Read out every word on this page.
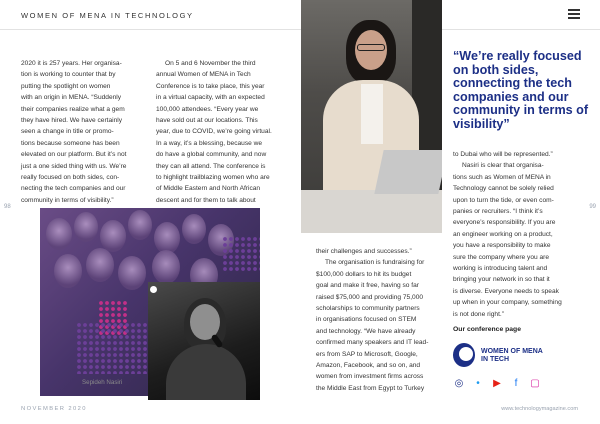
WOMEN OF MENA IN TECHNOLOGY

2020 it is 257 years. Her organisa-

tion is working to counter that by

putting the spotlight on women

with an origin in MENA. “Suddenly

their companies realize what a gem

they have hired. We have certainly

seen a change in title or promo-

tions because someone has been

elevated on our platform. But it’s not

just a one sided thing with us. We’re

really focused on both sides, con-

necting the tech companies and our

community in terms of visibility.”

On 5 and 6 November the third

annual Women of MENA in Tech

Conference is to take place, this year

in a virtual capacity, with an expected

100,000 attendees. “Every year we

have sold out at our locations. This

year, due to COVID, we’re going virtual.

In a way, it’s a blessing, because we

do have a global community, and now

they can all attend. The conference is

to highlight trailblazing women who are

of Middle Eastern and North African

descent and for them to talk about

their challenges and successes.”

The organisation is fundraising for

$100,000 dollars to hit its budget

goal and make it free, having so far

raised $75,000 and providing 75,000

scholarships to community partners

in organisations focused on STEM

and technology. “We have already

confirmed many speakers and IT lead-

ers from SAP to Microsoft, Google,

Amazon, Facebook, and so on, and

women from investment firms across

the Middle East from Egypt to Turkey

to Dubai who will be represented.”

Nasiri is clear that organisa-

tions such as Women of MENA in

Technology cannot be solely relied

upon to turn the tide, or even com-

panies or recruiters. “I think it’s

everyone’s responsibility. If you are

an engineer working on a product,

you have a responsibility to make

sure the company where you are

working is introducing talent and

bringing your network in so that it

is diverse. Everyone needs to speak

up when in your company, something

is not done right.”

98	99
Sepideh Nasiri
“We’re really focused on both sides, connecting the tech companies and our community in terms of visibility”
Our conference page
WOMEN OF MENA
IN TECH
◎	•	▶	f	▢
NOVEMBER 2020	www.technologymagazine.com
